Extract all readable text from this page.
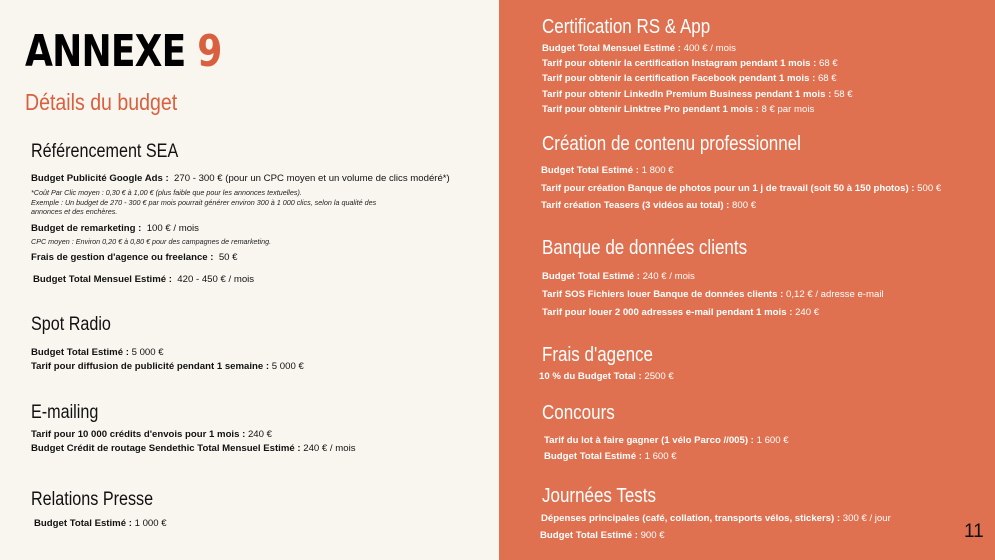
ANNEXE 9
Détails du budget
Référencement SEA
Budget Publicité Google Ads : 270 - 300 € (pour un CPC moyen et un volume de clics modéré*)
*Coût Par Clic moyen : 0,30 € à 1,00 € (plus faible que pour les annonces textuelles).
Exemple : Un budget de 270 - 300 € par mois pourrait générer environ 300 à 1 000 clics, selon la qualité des
annonces et des enchères.
Budget de remarketing : 100 € / mois
CPC moyen : Environ 0,20 € à 0,80 € pour des campagnes de remarketing.
Frais de gestion d'agence ou freelance : 50 €
Budget Total Mensuel Estimé : 420 - 450 € / mois
Spot Radio
Budget Total Estimé : 5 000 €
Tarif pour diffusion de publicité pendant 1 semaine : 5 000 €
E-mailing
Tarif pour 10 000 crédits d'envois pour 1 mois : 240 €
Budget Crédit de routage Sendethic Total Mensuel Estimé : 240 € / mois
Relations Presse
Budget Total Estimé : 1 000 €
Certification RS & App
Budget Total Mensuel Estimé : 400 € / mois
Tarif pour obtenir la certification Instagram pendant 1 mois : 68 €
Tarif pour obtenir la certification Facebook pendant 1 mois : 68 €
Tarif pour obtenir LinkedIn Premium Business pendant 1 mois : 58 €
Tarif pour obtenir Linktree Pro pendant 1 mois : 8 € par mois
Création de contenu professionnel
Budget Total Estimé : 1 800 €
Tarif pour création Banque de photos pour un 1 j de travail (soit 50 à 150 photos) : 500 €
Tarif création Teasers (3 vidéos au total) : 800 €
Banque de données clients
Budget Total Estimé : 240 € / mois
Tarif SOS Fichiers louer Banque de données clients : 0,12 € / adresse e-mail
Tarif pour louer 2 000 adresses e-mail pendant 1 mois : 240 €
Frais d'agence
10 % du Budget Total : 2500 €
Concours
Tarif du lot à faire gagner (1 vélo Parco //005) : 1 600 €
Budget Total Estimé : 1 600 €
Journées Tests
Dépenses principales (café, collation, transports vélos, stickers) : 300 € / jour
Budget Total Estimé : 900 €	11
